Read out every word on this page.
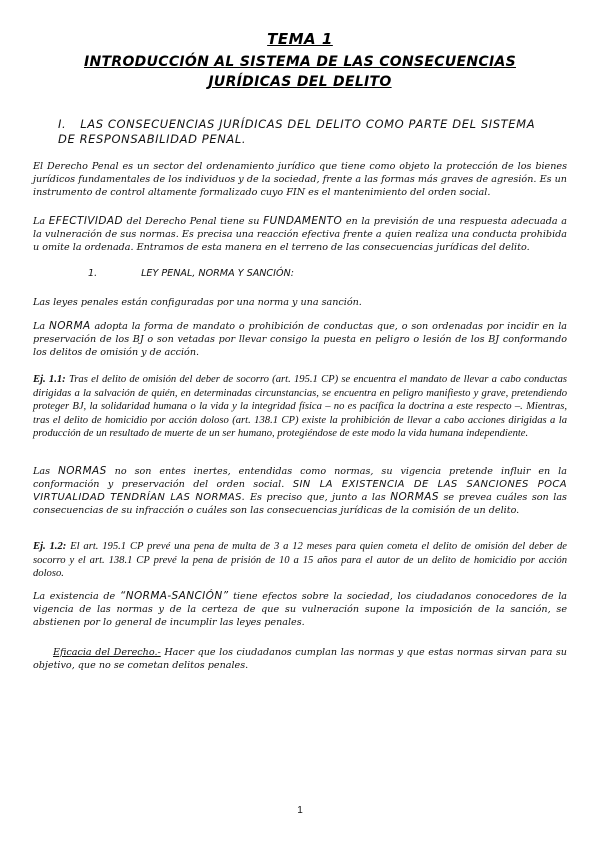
TEMA 1
INTRODUCCIÓN AL SISTEMA DE LAS CONSECUENCIAS JURÍDICAS DEL DELITO
I. LAS CONSECUENCIAS JURÍDICAS DEL DELITO COMO PARTE DEL SISTEMA DE RESPONSABILIDAD PENAL.

El Derecho Penal es un sector del ordenamiento jurídico que tiene como objeto la protección de los bienes jurídicos fundamentales de los individuos y de la sociedad, frente a las formas más graves de agresión. Es un instrumento de control altamente formalizado cuyo FIN es el mantenimiento del orden social.

La EFECTIVIDAD del Derecho Penal tiene su FUNDAMENTO en la previsión de una respuesta adecuada a la vulneración de sus normas. Es precisa una reacción efectiva frente a quien realiza una conducta prohibida u omite la ordenada. Entramos de esta manera en el terreno de las consecuencias jurídicas del delito.

1.	LEY PENAL, NORMA Y SANCIÓN:

Las leyes penales están configuradas por una norma y una sanción.

La NORMA adopta la forma de mandato o prohibición de conductas que, o son ordenadas por incidir en la preservación de los BJ o son vetadas por llevar consigo la puesta en peligro o lesión de los BJ conformando los delitos de omisión y de acción.

Ej. 1.1: Tras el delito de omisión del deber de socorro (art. 195.1 CP) se encuentra el mandato de llevar a cabo conductas dirigidas a la salvación de quién, en determinadas circunstancias, se encuentra en peligro manifiesto y grave, pretendiendo proteger BJ, la solidaridad humana o la vida y la integridad física – no es pacífica la doctrina a este respecto –. Mientras, tras el delito de homicidio por acción doloso (art. 138.1 CP) existe la prohibición de llevar a cabo acciones dirigidas a la producción de un resultado de muerte de un ser humano, protegiéndose de este modo la vida humana independiente.

Las NORMAS no son entes inertes, entendidas como normas, su vigencia pretende influir en la conformación y preservación del orden social. SIN LA EXISTENCIA DE LAS SANCIONES POCA VIRTUALIDAD TENDRÍAN LAS NORMAS. Es preciso que, junto a las NORMAS se prevea cuáles son las consecuencias de su infracción o cuáles son las consecuencias jurídicas de la comisión de un delito.

Ej. 1.2: El art. 195.1 CP prevé una pena de multa de 3 a 12 meses para quien cometa el delito de omisión del deber de socorro y el art. 138.1 CP prevé la pena de prisión de 10 a 15 años para el autor de un delito de homicidio por acción doloso.

La existencia de “NORMA-SANCIÓN” tiene efectos sobre la sociedad, los ciudadanos conocedores de la vigencia de las normas y de la certeza de que su vulneración supone la imposición de la sanción, se abstienen por lo general de incumplir las leyes penales.

Eficacia del Derecho.- Hacer que los ciudadanos cumplan las normas y que estas normas sirvan para su objetivo, que no se cometan delitos penales.

1
